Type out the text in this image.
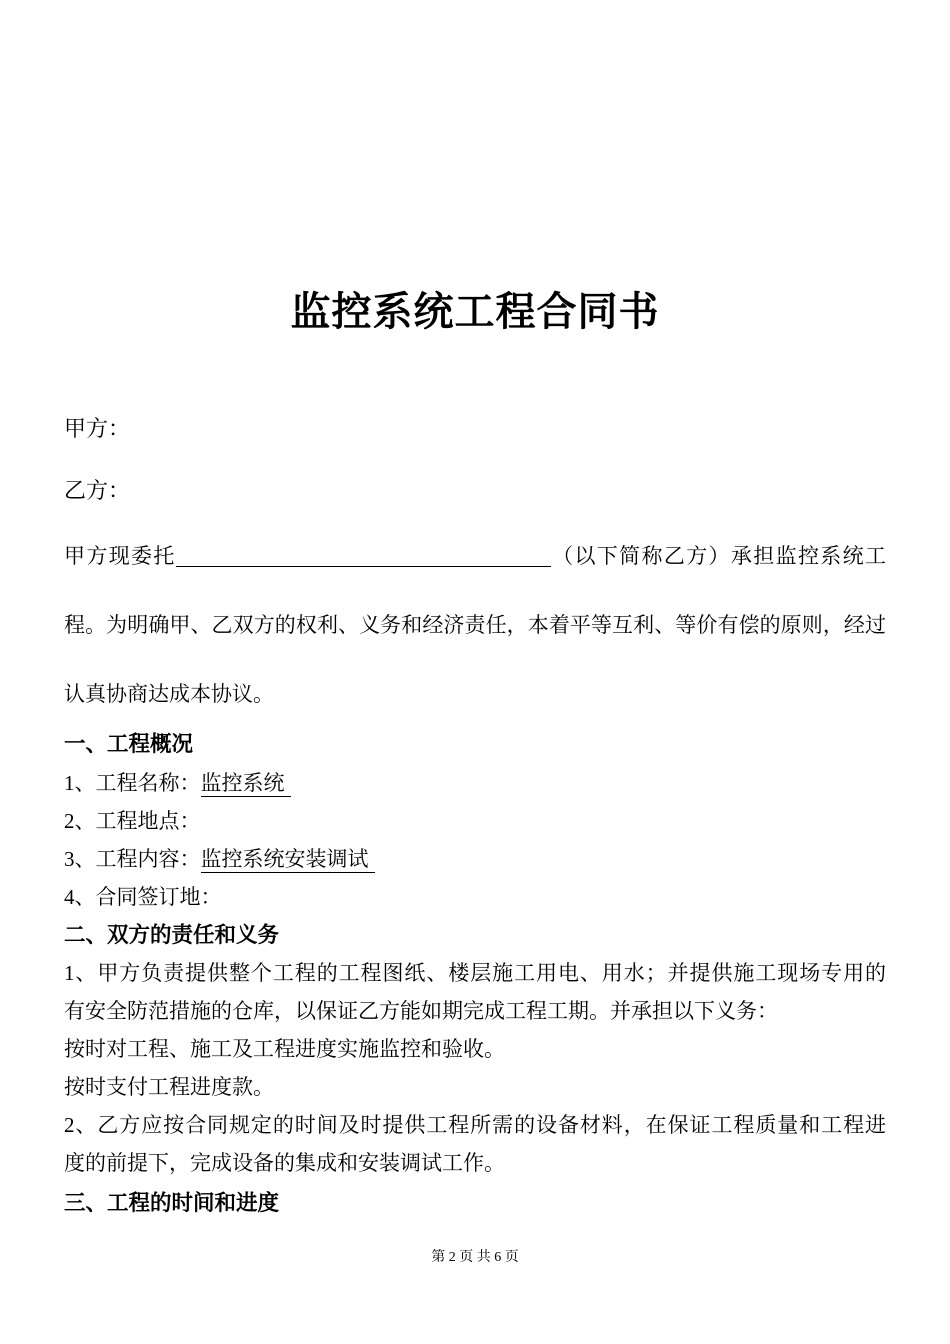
监控系统工程合同书

甲方：

乙方：

甲方现委托	（以下简称乙方）承担监控系统工
程。为明确甲、乙双方的权利、义务和经济责任，本着平等互利、等价有偿的原则，经过
认真协商达成本协议。
一、工程概况
1、工程名称：监控系统
2、工程地点：
3、工程内容：监控系统安装调试
4、合同签订地：
二、双方的责任和义务
1、甲方负责提供整个工程的工程图纸、楼层施工用电、用水；并提供施工现场专用的
有安全防范措施的仓库，以保证乙方能如期完成工程工期。并承担以下义务：
按时对工程、施工及工程进度实施监控和验收。
按时支付工程进度款。
2、乙方应按合同规定的时间及时提供工程所需的设备材料，在保证工程质量和工程进
度的前提下，完成设备的集成和安装调试工作。
三、工程的时间和进度
第 2 页 共 6 页
